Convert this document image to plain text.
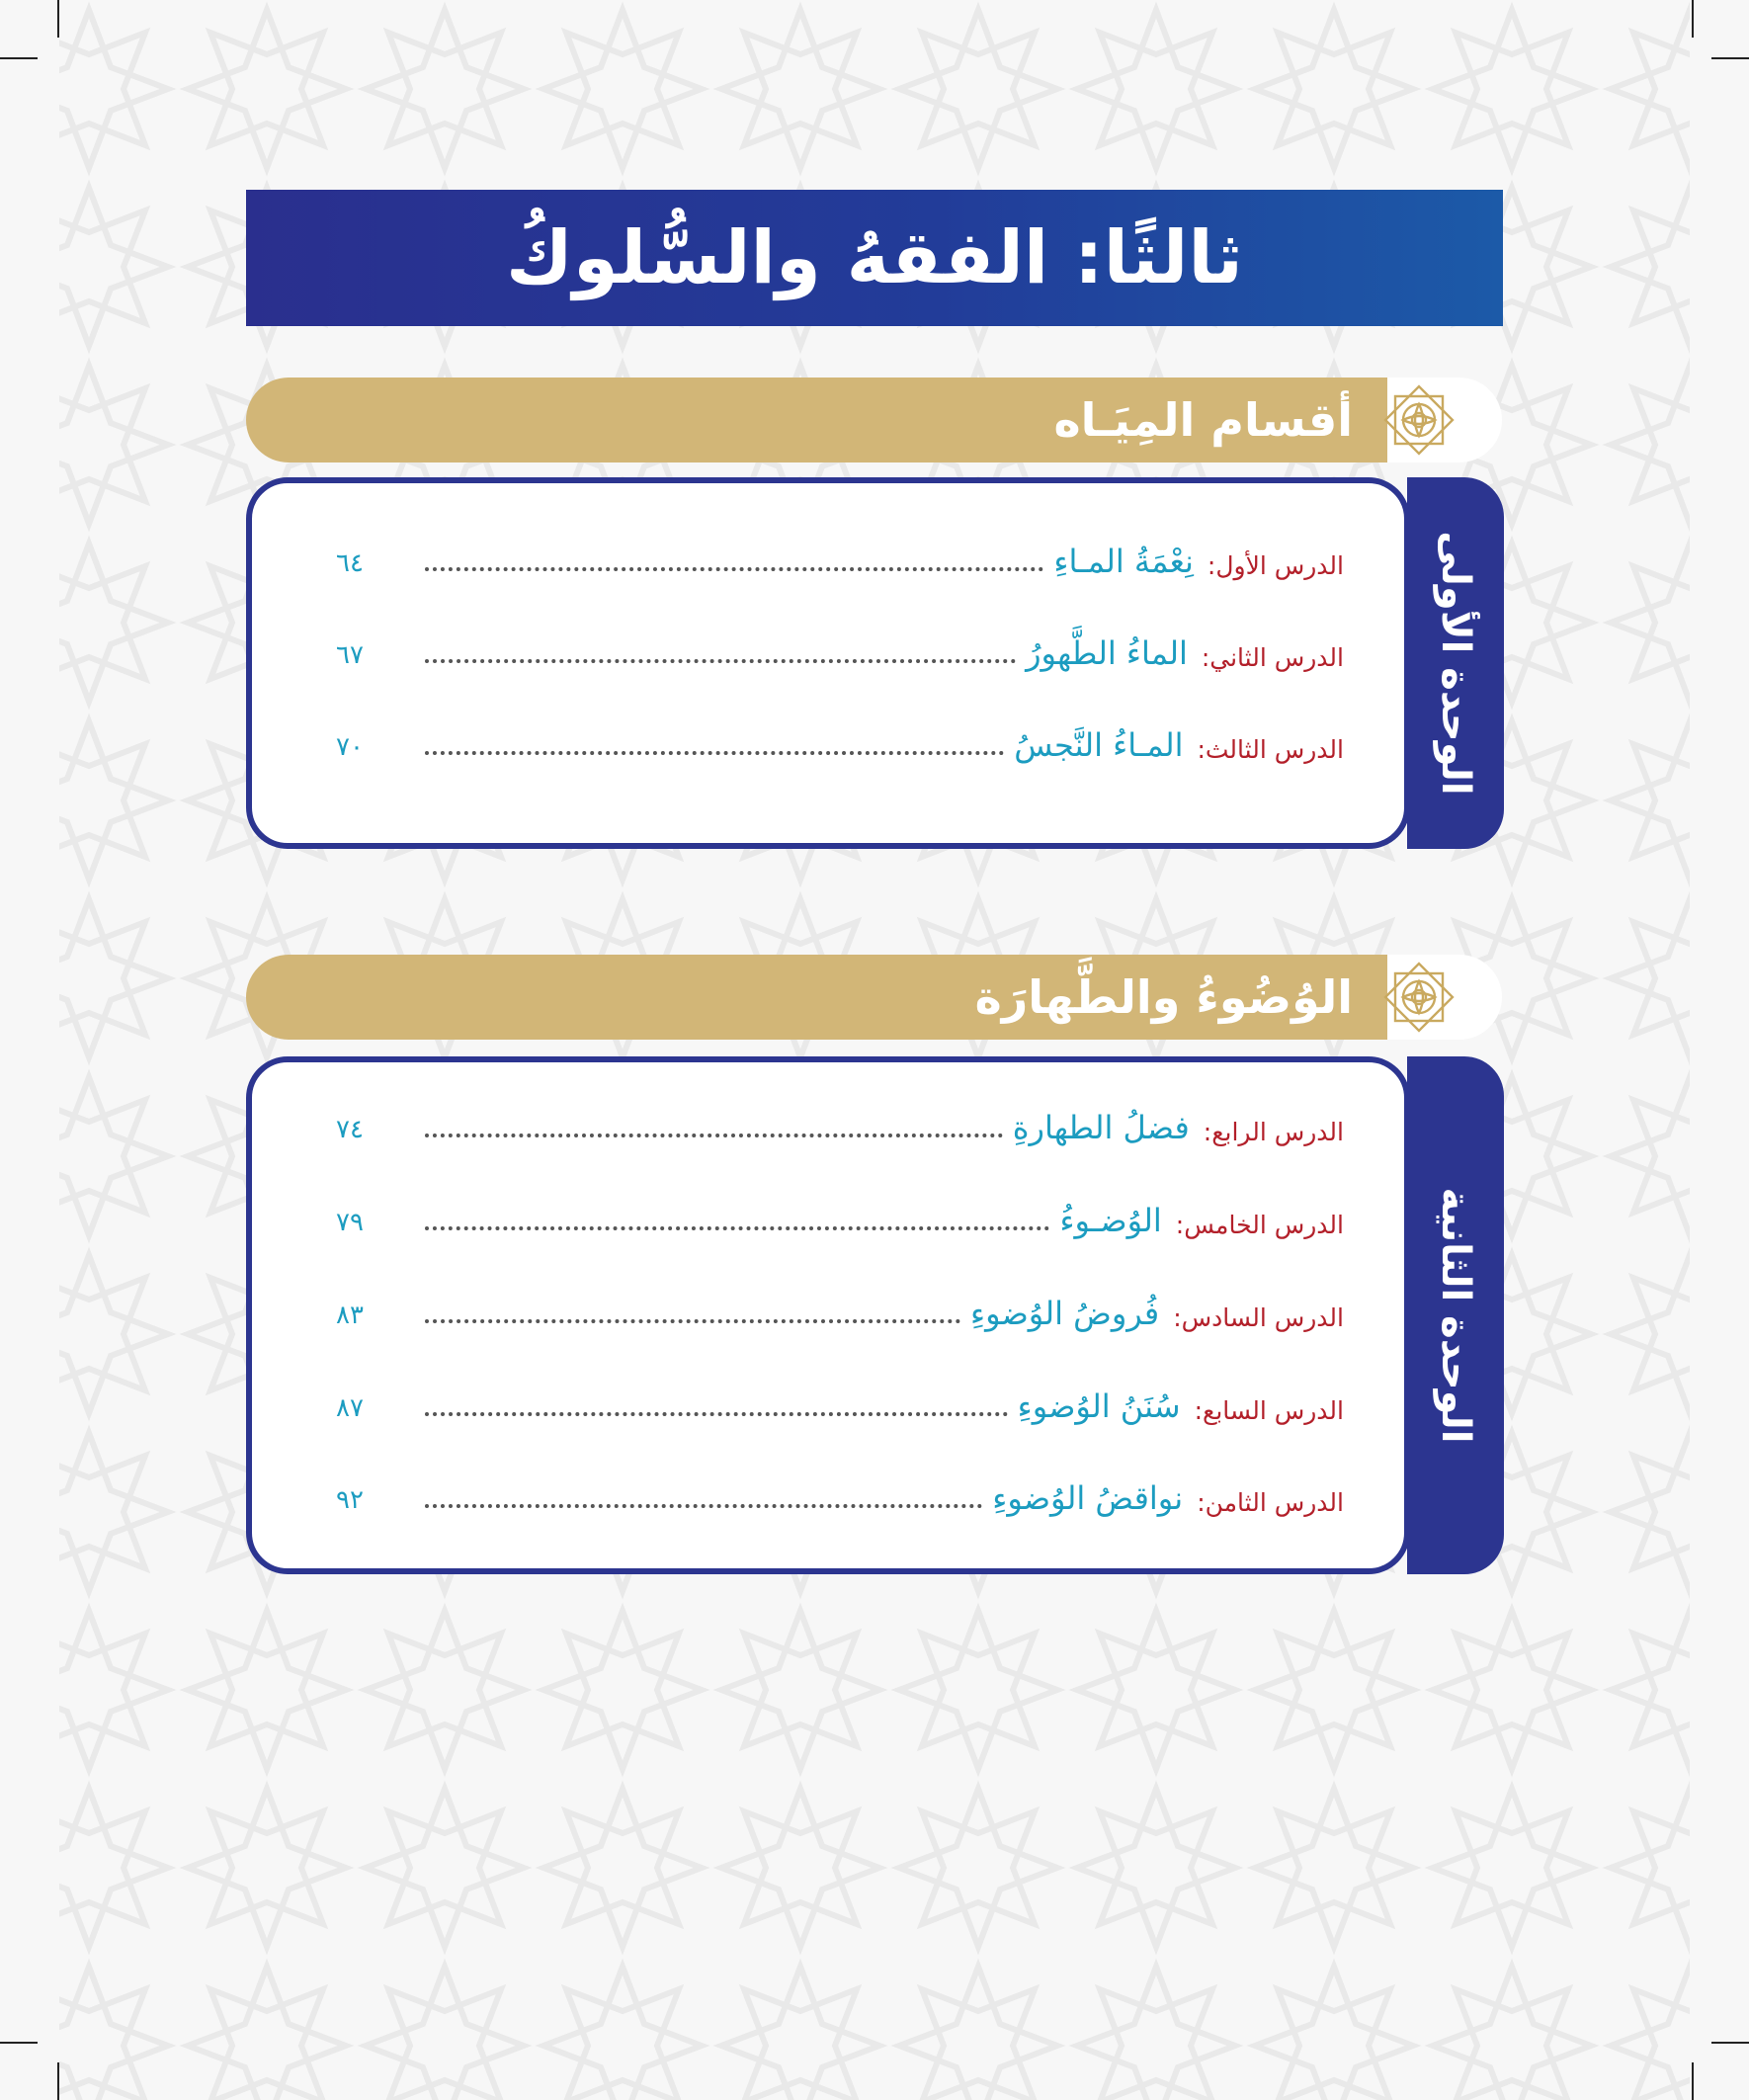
ثالثًا: الفقهُ والسُّلوكُ
أقسام المِيَـاه
الوحدة الأولى
الدرس الأول:
نِعْمَةُ المـاءِ
٦٤
الدرس الثاني:
الماءُ الطَّهورُ
٦٧
الدرس الثالث:
المـاءُ النَّجسُ
٧٠
الوُضُوءُ والطَّهارَة
الوحدة الثانية
الدرس الرابع:
فضلُ الطهارةِ
٧٤
الدرس الخامس:
الوُضـوءُ
٧٩
الدرس السادس:
فُروضُ الوُضوءِ
٨٣
الدرس السابع:
سُنَنُ الوُضوءِ
٨٧
الدرس الثامن:
نواقضُ الوُضوءِ
٩٢
